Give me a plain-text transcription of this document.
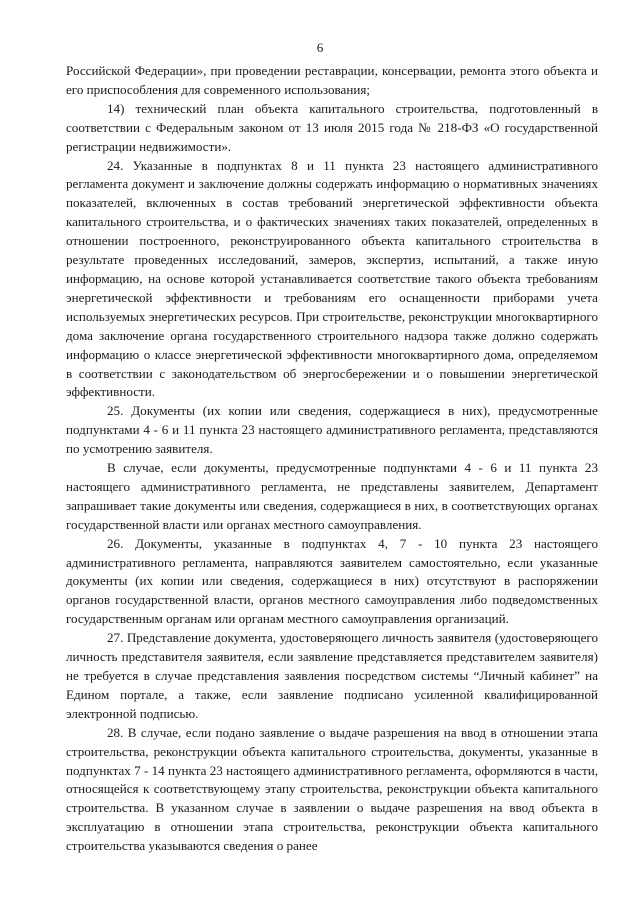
6

Российской Федерации», при проведении реставрации, консервации, ремонта этого объекта и его приспособления для современного использования;

14) технический план объекта капитального строительства, подготовленный в соответствии с Федеральным законом от 13 июля 2015 года № 218-ФЗ «О государственной регистрации недвижимости».

24. Указанные в подпунктах 8 и 11 пункта 23 настоящего административного регламента документ и заключение должны содержать информацию о нормативных значениях показателей, включенных в состав требований энергетической эффективности объекта капитального строительства, и о фактических значениях таких показателей, определенных в отношении построенного, реконструированного объекта капитального строительства в результате проведенных исследований, замеров, экспертиз, испытаний, а также иную информацию, на основе которой устанавливается соответствие такого объекта требованиям энергетической эффективности и требованиям его оснащенности приборами учета используемых энергетических ресурсов. При строительстве, реконструкции многоквартирного дома заключение органа государственного строительного надзора также должно содержать информацию о классе энергетической эффективности многоквартирного дома, определяемом в соответствии с законодательством об энергосбережении и о повышении энергетической эффективности.

25. Документы (их копии или сведения, содержащиеся в них), предусмотренные подпунктами 4 - 6 и 11 пункта 23 настоящего административного регламента, представляются по усмотрению заявителя.

В случае, если документы, предусмотренные подпунктами 4 - 6 и 11 пункта 23 настоящего административного регламента, не представлены заявителем, Департамент запрашивает такие документы или сведения, содержащиеся в них, в соответствующих органах государственной власти или органах местного самоуправления.

26. Документы, указанные в подпунктах 4, 7 - 10 пункта 23 настоящего административного регламента, направляются заявителем самостоятельно, если указанные документы (их копии или сведения, содержащиеся в них) отсутствуют в распоряжении органов государственной власти, органов местного самоуправления либо подведомственных государственным органам или органам местного самоуправления организаций.

27. Представление документа, удостоверяющего личность заявителя (удостоверяющего личность представителя заявителя, если заявление представляется представителем заявителя) не требуется в случае представления заявления посредством системы “Личный кабинет” на Едином портале, а также, если заявление подписано усиленной квалифицированной электронной подписью.

28. В случае, если подано заявление о выдаче разрешения на ввод в отношении этапа строительства, реконструкции объекта капитального строительства, документы, указанные в подпунктах 7 - 14 пункта 23 настоящего административного регламента, оформляются в части, относящейся к соответствующему этапу строительства, реконструкции объекта капитального строительства. В указанном случае в заявлении о выдаче разрешения на ввод объекта в эксплуатацию в отношении этапа строительства, реконструкции объекта капитального строительства указываются сведения о ранее
